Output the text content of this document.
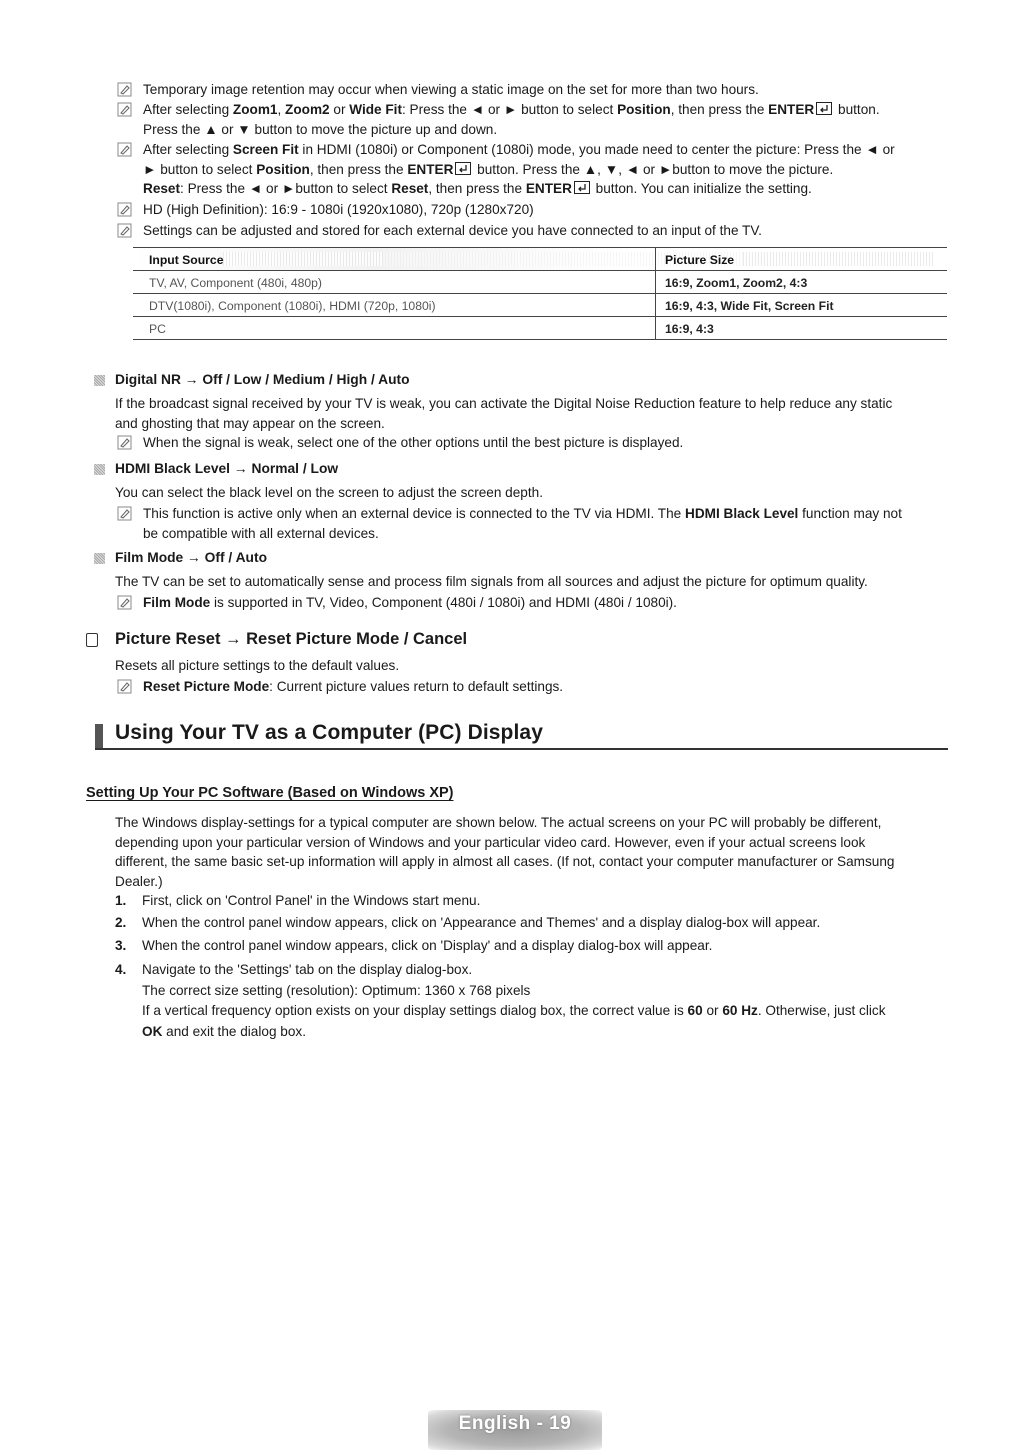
Temporary image retention may occur when viewing a static image on the set for more than two hours.
After selecting Zoom1, Zoom2 or Wide Fit: Press the ◄ or ► button to select Position, then press the ENTER button.
Press the ▲ or ▼ button to move the picture up and down.
After selecting Screen Fit in HDMI (1080i) or Component (1080i) mode, you made need to center the picture: Press the ◄ or
► button to select Position, then press the ENTER button. Press the ▲, ▼, ◄ or ►button to move the picture.
Reset: Press the ◄ or ►button to select Reset, then press the ENTER button. You can initialize the setting.
HD (High Definition): 16:9 - 1080i (1920x1080), 720p (1280x720)
Settings can be adjusted and stored for each external device you have connected to an input of the TV.
Input Source	Picture Size
TV, AV, Component (480i, 480p)	16:9, Zoom1, Zoom2, 4:3
DTV(1080i), Component (1080i), HDMI (720p, 1080i)	16:9, 4:3, Wide Fit, Screen Fit
PC	16:9, 4:3
Digital NR → Off / Low / Medium / High / Auto
If the broadcast signal received by your TV is weak, you can activate the Digital Noise Reduction feature to help reduce any static
and ghosting that may appear on the screen.
When the signal is weak, select one of the other options until the best picture is displayed.
HDMI Black Level → Normal / Low
You can select the black level on the screen to adjust the screen depth.
This function is active only when an external device is connected to the TV via HDMI. The HDMI Black Level function may not
be compatible with all external devices.
Film Mode → Off / Auto
The TV can be set to automatically sense and process film signals from all sources and adjust the picture for optimum quality.
Film Mode is supported in TV, Video, Component (480i / 1080i) and HDMI (480i / 1080i).
Picture Reset → Reset Picture Mode / Cancel
Resets all picture settings to the default values.
Reset Picture Mode: Current picture values return to default settings.
Using Your TV as a Computer (PC) Display
Setting Up Your PC Software (Based on Windows XP)
The Windows display-settings for a typical computer are shown below. The actual screens on your PC will probably be different,
depending upon your particular version of Windows and your particular video card. However, even if your actual screens look
different, the same basic set-up information will apply in almost all cases. (If not, contact your computer manufacturer or Samsung
Dealer.)
1. First, click on 'Control Panel' in the Windows start menu.
2. When the control panel window appears, click on 'Appearance and Themes' and a display dialog-box will appear.
3. When the control panel window appears, click on 'Display' and a display dialog-box will appear.
4. Navigate to the 'Settings' tab on the display dialog-box.
The correct size setting (resolution): Optimum: 1360 x 768 pixels
If a vertical frequency option exists on your display settings dialog box, the correct value is 60 or 60 Hz. Otherwise, just click
OK and exit the dialog box.
English - 19
